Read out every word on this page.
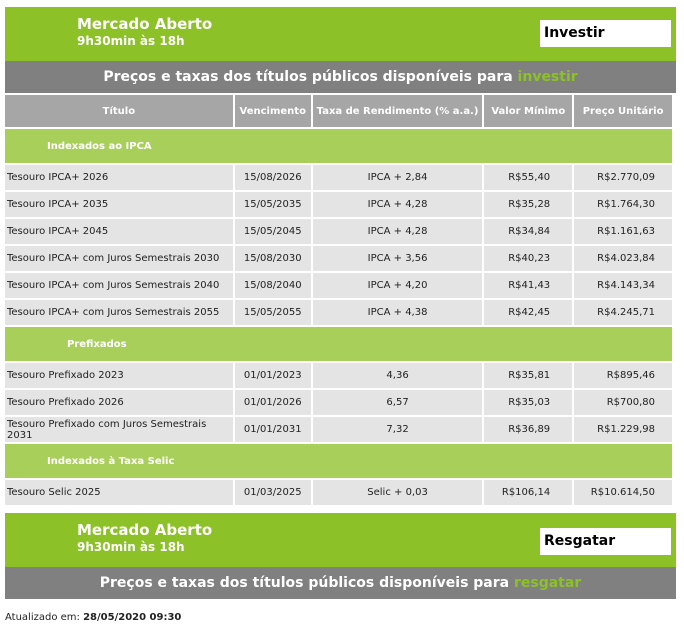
Mercado Aberto
9h30min às 18h	Investir
Preços e taxas dos títulos públicos disponíveis para investir
Título	Vencimento	Taxa de Rendimento (% a.a.)	Valor Mínimo	Preço Unitário
Indexados ao IPCA				
Tesouro IPCA+ 2026	15/08/2026	IPCA + 2,84	R$55,40	R$2.770,09
Tesouro IPCA+ 2035	15/05/2035	IPCA + 4,28	R$35,28	R$1.764,30
Tesouro IPCA+ 2045	15/05/2045	IPCA + 4,28	R$34,84	R$1.161,63
Tesouro IPCA+ com Juros Semestrais 2030	15/08/2030	IPCA + 3,56	R$40,23	R$4.023,84
Tesouro IPCA+ com Juros Semestrais 2040	15/08/2040	IPCA + 4,20	R$41,43	R$4.143,34
Tesouro IPCA+ com Juros Semestrais 2055	15/05/2055	IPCA + 4,38	R$42,45	R$4.245,71
Prefixados				
Tesouro Prefixado 2023	01/01/2023	4,36	R$35,81	R$895,46
Tesouro Prefixado 2026	01/01/2026	6,57	R$35,03	R$700,80
Tesouro Prefixado com Juros Semestrais 2031	01/01/2031	7,32	R$36,89	R$1.229,98
Indexados à Taxa Selic				
Tesouro Selic 2025	01/03/2025	Selic + 0,03	R$106,14	R$10.614,50
Mercado Aberto
9h30min às 18h	Resgatar
Preços e taxas dos títulos públicos disponíveis para resgatar
Atualizado em: 28/05/2020 09:30
